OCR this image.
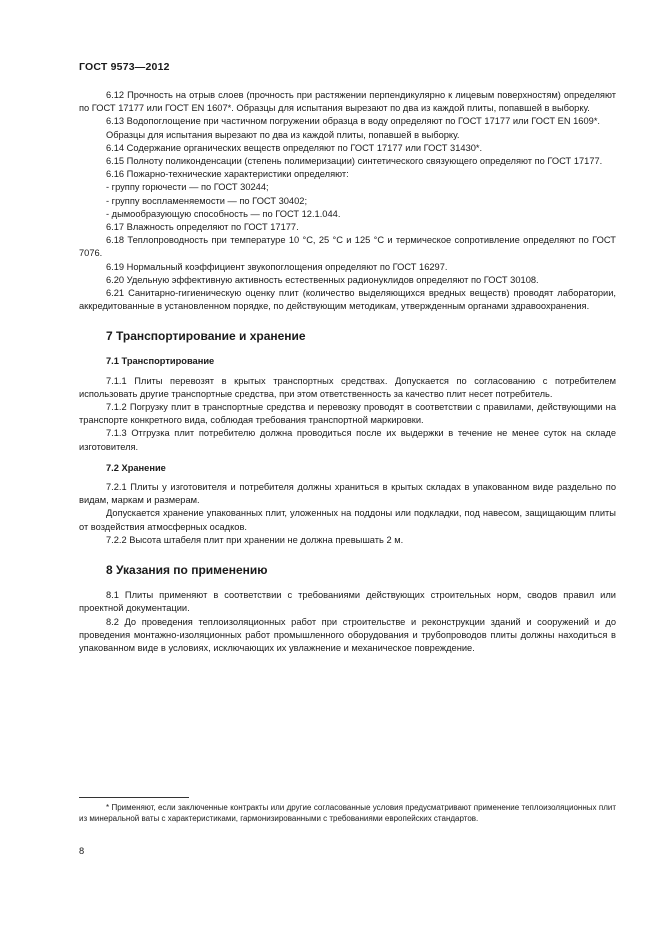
ГОСТ 9573—2012

6.12 Прочность на отрыв слоев (прочность при растяжении перпендикулярно к лицевым поверхностям) определяют по ГОСТ 17177 или ГОСТ EN 1607*. Образцы для испытания вырезают по два из каждой плиты, попавшей в выборку.

6.13 Водопоглощение при частичном погружении образца в воду определяют по ГОСТ 17177 или ГОСТ EN 1609*.

Образцы для испытания вырезают по два из каждой плиты, попавшей в выборку.

6.14 Содержание органических веществ определяют по ГОСТ 17177 или ГОСТ 31430*.

6.15 Полноту поликонденсации (степень полимеризации) синтетического связующего определяют по ГОСТ 17177.

6.16 Пожарно-технические характеристики определяют:

- группу горючести — по ГОСТ 30244;

- группу воспламеняемости — по ГОСТ 30402;

- дымообразующую способность — по ГОСТ 12.1.044.

6.17 Влажность определяют по ГОСТ 17177.

6.18 Теплопроводность при температуре 10 °С, 25 °С и 125 °С и термическое сопротивление определяют по ГОСТ 7076.

6.19 Нормальный коэффициент звукопоглощения определяют по ГОСТ 16297.

6.20 Удельную эффективную активность естественных радионуклидов определяют по ГОСТ 30108.

6.21 Санитарно-гигиеническую оценку плит (количество выделяющихся вредных веществ) проводят лаборатории, аккредитованные в установленном порядке, по действующим методикам, утвержденным органами здравоохранения.

7 Транспортирование и хранение

7.1 Транспортирование

7.1.1 Плиты перевозят в крытых транспортных средствах. Допускается по согласованию с потребителем использовать другие транспортные средства, при этом ответственность за качество плит несет потребитель.

7.1.2 Погрузку плит в транспортные средства и перевозку проводят в соответствии с правилами, действующими на транспорте конкретного вида, соблюдая требования транспортной маркировки.

7.1.3 Отгрузка плит потребителю должна проводиться после их выдержки в течение не менее суток на складе изготовителя.

7.2 Хранение

7.2.1 Плиты у изготовителя и потребителя должны храниться в крытых складах в упакованном виде раздельно по видам, маркам и размерам.

Допускается хранение упакованных плит, уложенных на поддоны или подкладки, под навесом, защищающим плиты от воздействия атмосферных осадков.

7.2.2 Высота штабеля плит при хранении не должна превышать 2 м.

8 Указания по применению

8.1 Плиты применяют в соответствии с требованиями действующих строительных норм, сводов правил или проектной документации.

8.2 До проведения теплоизоляционных работ при строительстве и реконструкции зданий и сооружений и до проведения монтажно-изоляционных работ промышленного оборудования и трубопроводов плиты должны находиться в упакованном виде в условиях, исключающих их увлажнение и механическое повреждение.

* Применяют, если заключенные контракты или другие согласованные условия предусматривают применение теплоизоляционных плит из минеральной ваты с характеристиками, гармонизированными с требованиями европейских стандартов.

8
